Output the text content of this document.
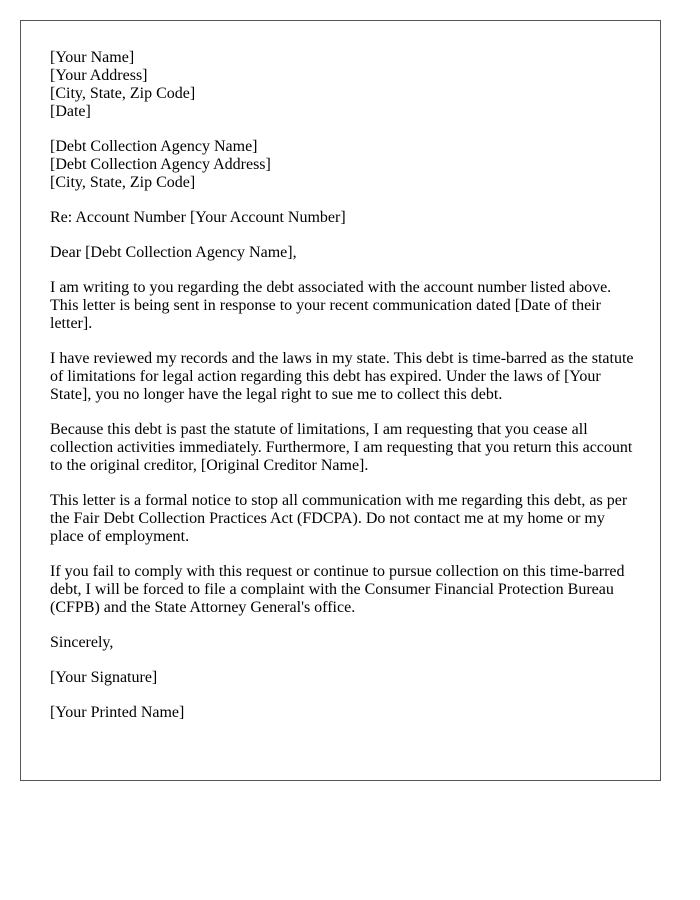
[Your Name]
[Your Address]
[City, State, Zip Code]
[Date]
[Debt Collection Agency Name]
[Debt Collection Agency Address]
[City, State, Zip Code]
Re: Account Number [Your Account Number]
Dear [Debt Collection Agency Name],
I am writing to you regarding the debt associated with the account number listed above.
This letter is being sent in response to your recent communication dated [Date of their
letter].
I have reviewed my records and the laws in my state. This debt is time-barred as the statute
of limitations for legal action regarding this debt has expired. Under the laws of [Your
State], you no longer have the legal right to sue me to collect this debt.
Because this debt is past the statute of limitations, I am requesting that you cease all
collection activities immediately. Furthermore, I am requesting that you return this account
to the original creditor, [Original Creditor Name].
This letter is a formal notice to stop all communication with me regarding this debt, as per
the Fair Debt Collection Practices Act (FDCPA). Do not contact me at my home or my
place of employment.
If you fail to comply with this request or continue to pursue collection on this time-barred
debt, I will be forced to file a complaint with the Consumer Financial Protection Bureau
(CFPB) and the State Attorney General's office.
Sincerely,
[Your Signature]
[Your Printed Name]
